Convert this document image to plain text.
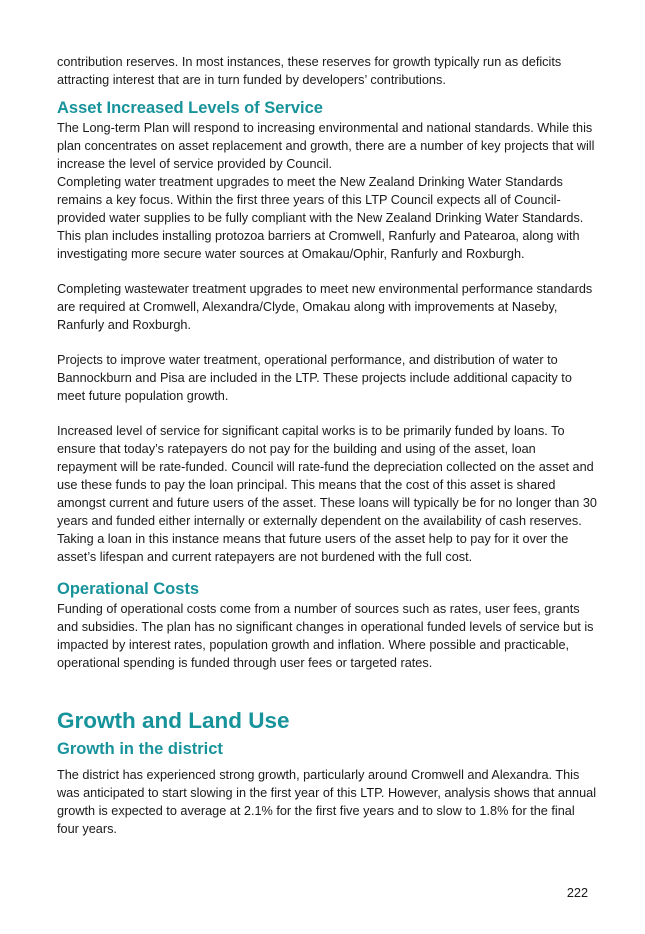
contribution reserves. In most instances, these reserves for growth typically run as deficits attracting interest that are in turn funded by developers’ contributions.

Asset Increased Levels of Service

The Long-term Plan will respond to increasing environmental and national standards. While this plan concentrates on asset replacement and growth, there are a number of key projects that will increase the level of service provided by Council.

Completing water treatment upgrades to meet the New Zealand Drinking Water Standards remains a key focus. Within the first three years of this LTP Council expects all of Council-provided water supplies to be fully compliant with the New Zealand Drinking Water Standards. This plan includes installing protozoa barriers at Cromwell, Ranfurly and Patearoa, along with investigating more secure water sources at Omakau/Ophir, Ranfurly and Roxburgh.

Completing wastewater treatment upgrades to meet new environmental performance standards are required at Cromwell, Alexandra/Clyde, Omakau along with improvements at Naseby, Ranfurly and Roxburgh.

Projects to improve water treatment, operational performance, and distribution of water to Bannockburn and Pisa are included in the LTP. These projects include additional capacity to meet future population growth.

Increased level of service for significant capital works is to be primarily funded by loans. To ensure that today’s ratepayers do not pay for the building and using of the asset, loan repayment will be rate-funded. Council will rate-fund the depreciation collected on the asset and use these funds to pay the loan principal. This means that the cost of this asset is shared amongst current and future users of the asset. These loans will typically be for no longer than 30 years and funded either internally or externally dependent on the availability of cash reserves. Taking a loan in this instance means that future users of the asset help to pay for it over the asset’s lifespan and current ratepayers are not burdened with the full cost.

Operational Costs

Funding of operational costs come from a number of sources such as rates, user fees, grants and subsidies. The plan has no significant changes in operational funded levels of service but is impacted by interest rates, population growth and inflation. Where possible and practicable, operational spending is funded through user fees or targeted rates.

Growth and Land Use
Growth in the district

The district has experienced strong growth, particularly around Cromwell and Alexandra. This was anticipated to start slowing in the first year of this LTP. However, analysis shows that annual growth is expected to average at 2.1% for the first five years and to slow to 1.8% for the final four years.

222
